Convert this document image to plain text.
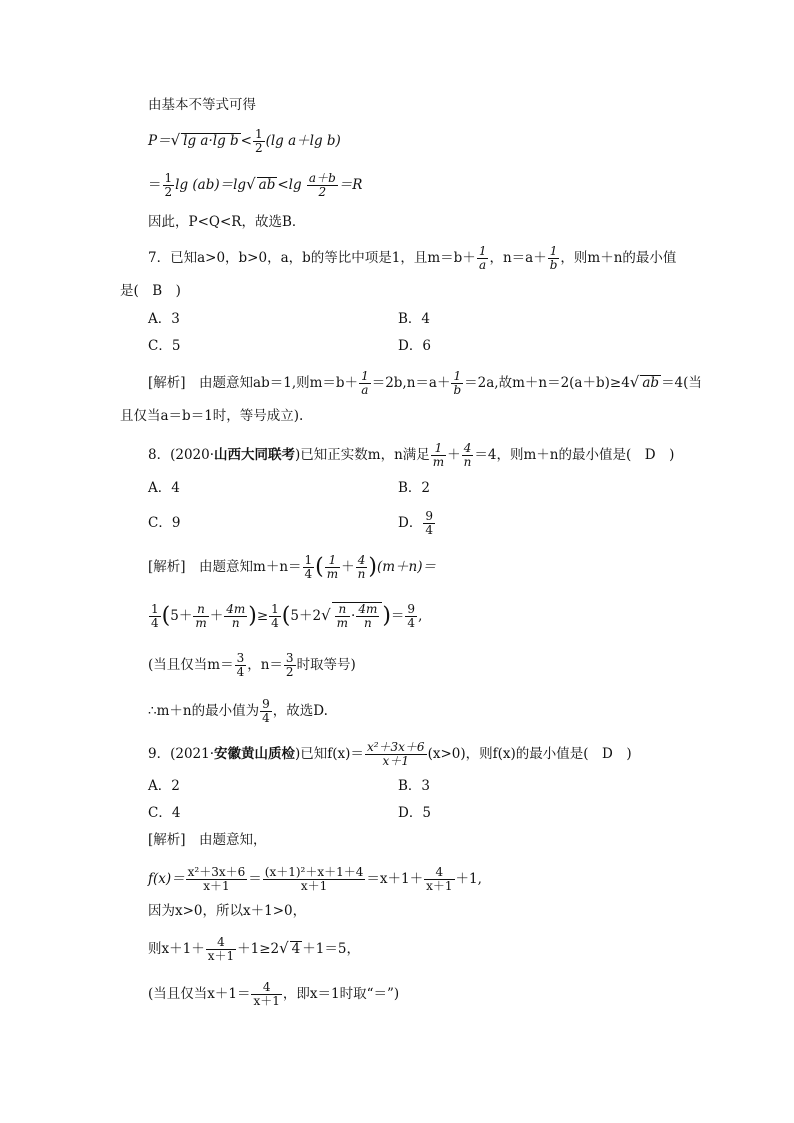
由基本不等式可得
P＝√ lg a·lg $b < \frac{1}{2} (\lg$ a＋lg b)
＝ $\frac{1}{2}$ lg (ab)＝lg√ ab $<\lg \frac{a+b}{2} =R$
因此，P<Q<R，故选B．
7．已知a>0，b>0，a，b的等比中项是1，且$m=b+ \frac{1}{a}$ ，$n=a+ \frac{1}{b}$ ，则m＋n的最小值
是(　B　)
A．3	B．4
C．5	D．6
[解析]　由题意知ab＝1,则$m=b+ \frac{1}{a} =2b,n=a+ \frac{1}{b} =2a$,故m＋n＝2(a＋b)≥4√ ab ＝4(当
且仅当a＝b＝1时，等号成立).
8．(2020·山西大同联考)已知正实数m，n满足 $\frac{1}{m} + \frac{4}{n} =4$，则m＋n的最小值是(　D　)
A．4	B．2
C．9	D． $\frac{9}{4}$
[解析]　由题意知$m+n= \frac{1}{4}$ ( $\frac{1}{m} + \frac{4}{n} )(m+n)=$
$\frac{1}{4} (5+ \frac{n}{m} + \frac{4m}{n}$ )≥ $\frac{1}{4} (5+2√ \frac{n}{m} \cdot \frac{4m}{n}$ )＝ $\frac{9}{4}$ ,
(当且仅当$m= \frac{3}{4}$ ，$n= \frac{3}{2}$ 时取等号)
∴m＋n的最小值为 $\frac{9}{4}$ ，故选D.
9．(2021·安徽黄山质检)已知$f(x)= \frac{\text{x²＋3x＋6}}{x+1} (x>0)$，则f(x)的最小值是(　D　)
A．2	B．3
C．4	D．5
[解析]　由题意知，
$f(x)= \frac{\text{x²＋3x＋6}}{x+1} = \frac{\text{(x＋1)²＋x＋1＋4}}{x+1} =x+1+ \frac{4}{x+1} +1$,
因为x>0，所以x＋1>0，
则$x+1+ \frac{4}{x+1} +1\ge 2√$ 4 ＋1＝5，
(当且仅当$x+1= \frac{4}{x+1}$ ，即x＝1时取“＝”)
